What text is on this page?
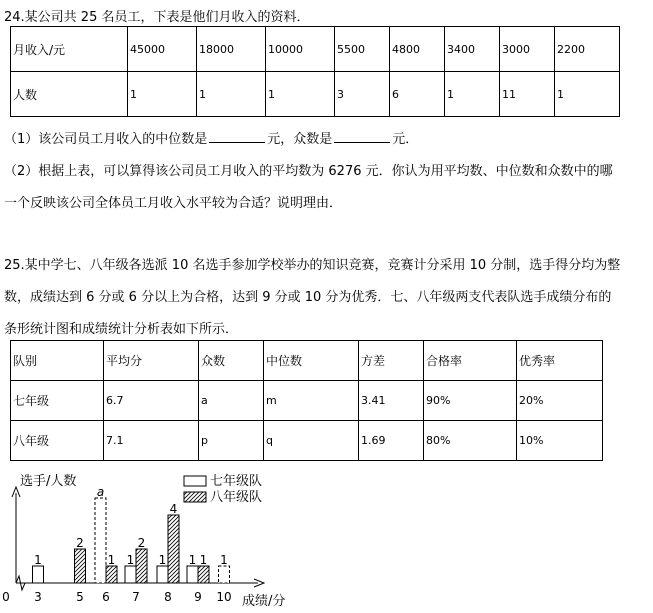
24.某公司共 25 名员工，下表是他们月收入的资料．
月收入/元	45000	18000	10000	5500	4800	3400	3000	2200
人数	1	1	1	3	6	1	11	1
（1）该公司员工月收入的中位数是	元，众数是	元．
（2）根据上表，可以算得该公司员工月收入的平均数为 6276 元．你认为用平均数、中位数和众数中的哪
一个反映该公司全体员工月收入水平较为合适？说明理由．
25.某中学七、八年级各选派 10 名选手参加学校举办的知识竞赛，竞赛计分采用 10 分制，选手得分均为整
数，成绩达到 6 分或 6 分以上为合格，达到 9 分或 10 分为优秀．七、八年级两支代表队选手成绩分布的
条形统计图和成绩统计分析表如下所示．
队别	平均分	众数	中位数	方差	合格率	优秀率
七年级	6.7	a	m	3.41	90%	20%
八年级	7.1	p	q	1.69	80%	10%
3
1
5
2
6
a
1
7
1
2
8
1
4
9
1 1
10
1
0
选手/人数
成绩/分
七年级队
八年级队
